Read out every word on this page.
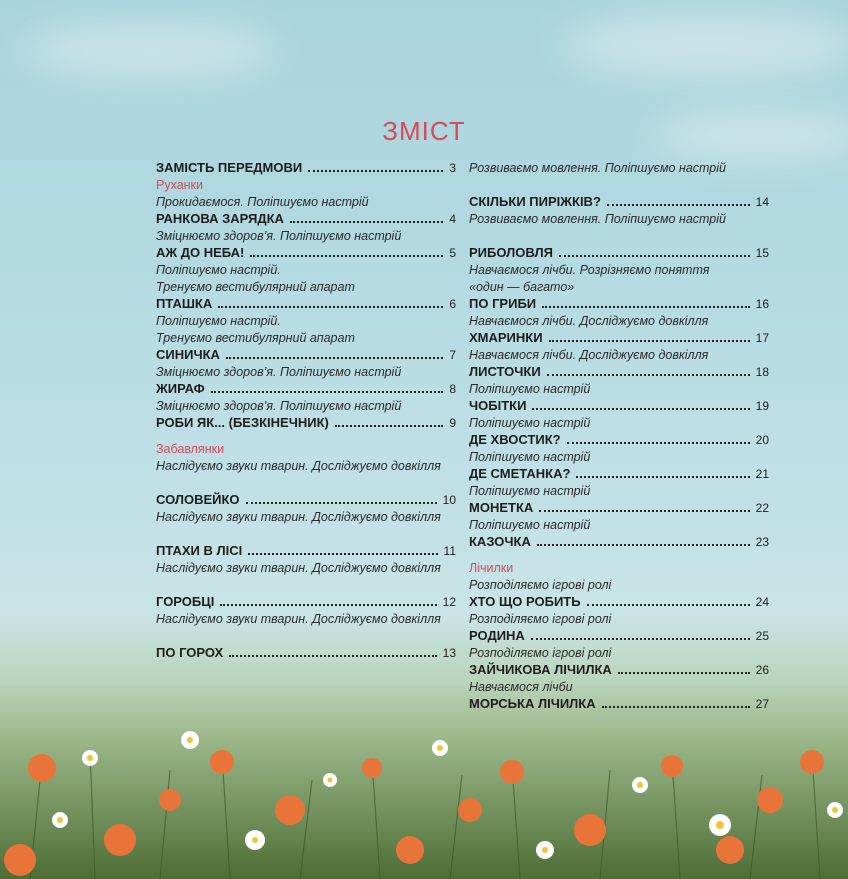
ЗМІСТ
ЗАМІСТЬ ПЕРЕДМОВИ	3
Руханки
Прокидаємося. Поліпшуємо настрій
РАНКОВА ЗАРЯДКА	4
Зміцнюємо здоров’я. Поліпшуємо настрій
АЖ ДО НЕБА!	5
Поліпшуємо настрій.
Тренуємо вестибулярний апарат
ПТАШКА	6
Поліпшуємо настрій.
Тренуємо вестибулярний апарат
СИНИЧКА	7
Зміцнюємо здоров’я. Поліпшуємо настрій
ЖИРАФ	8
Зміцнюємо здоров’я. Поліпшуємо настрій
РОБИ ЯК... (БЕЗКІНЕЧНИК)	9
Забавлянки
Наслідуємо звуки тварин. Досліджуємо довкілля
СОЛОВЕЙКО	10
Наслідуємо звуки тварин. Досліджуємо довкілля
ПТАХИ В ЛІСІ	11
Наслідуємо звуки тварин. Досліджуємо довкілля
ГОРОБЦІ	12
Наслідуємо звуки тварин. Досліджуємо довкілля
ПО ГОРОХ	13
Розвиваємо мовлення. Поліпшуємо настрій
СКІЛЬКИ ПИРІЖКІВ?	14
Розвиваємо мовлення. Поліпшуємо настрій
РИБОЛОВЛЯ	15
Навчаємося лічби. Розрізняємо поняття
«один — багато»
ПО ГРИБИ	16
Навчаємося лічби. Досліджуємо довкілля
ХМАРИНКИ	17
Навчаємося лічби. Досліджуємо довкілля
ЛИСТОЧКИ	18
Поліпшуємо настрій
ЧОБІТКИ	19
Поліпшуємо настрій
ДЕ ХВОСТИК?	20
Поліпшуємо настрій
ДЕ СМЕТАНКА?	21
Поліпшуємо настрій
МОНЕТКА	22
Поліпшуємо настрій
КАЗОЧКА	23
Лічилки
Розподіляємо ігрові ролі
ХТО ЩО РОБИТЬ	24
Розподіляємо ігрові ролі
РОДИНА	25
Розподіляємо ігрові ролі
ЗАЙЧИКОВА ЛІЧИЛКА	26
Навчаємося лічби
МОРСЬКА ЛІЧИЛКА	27
